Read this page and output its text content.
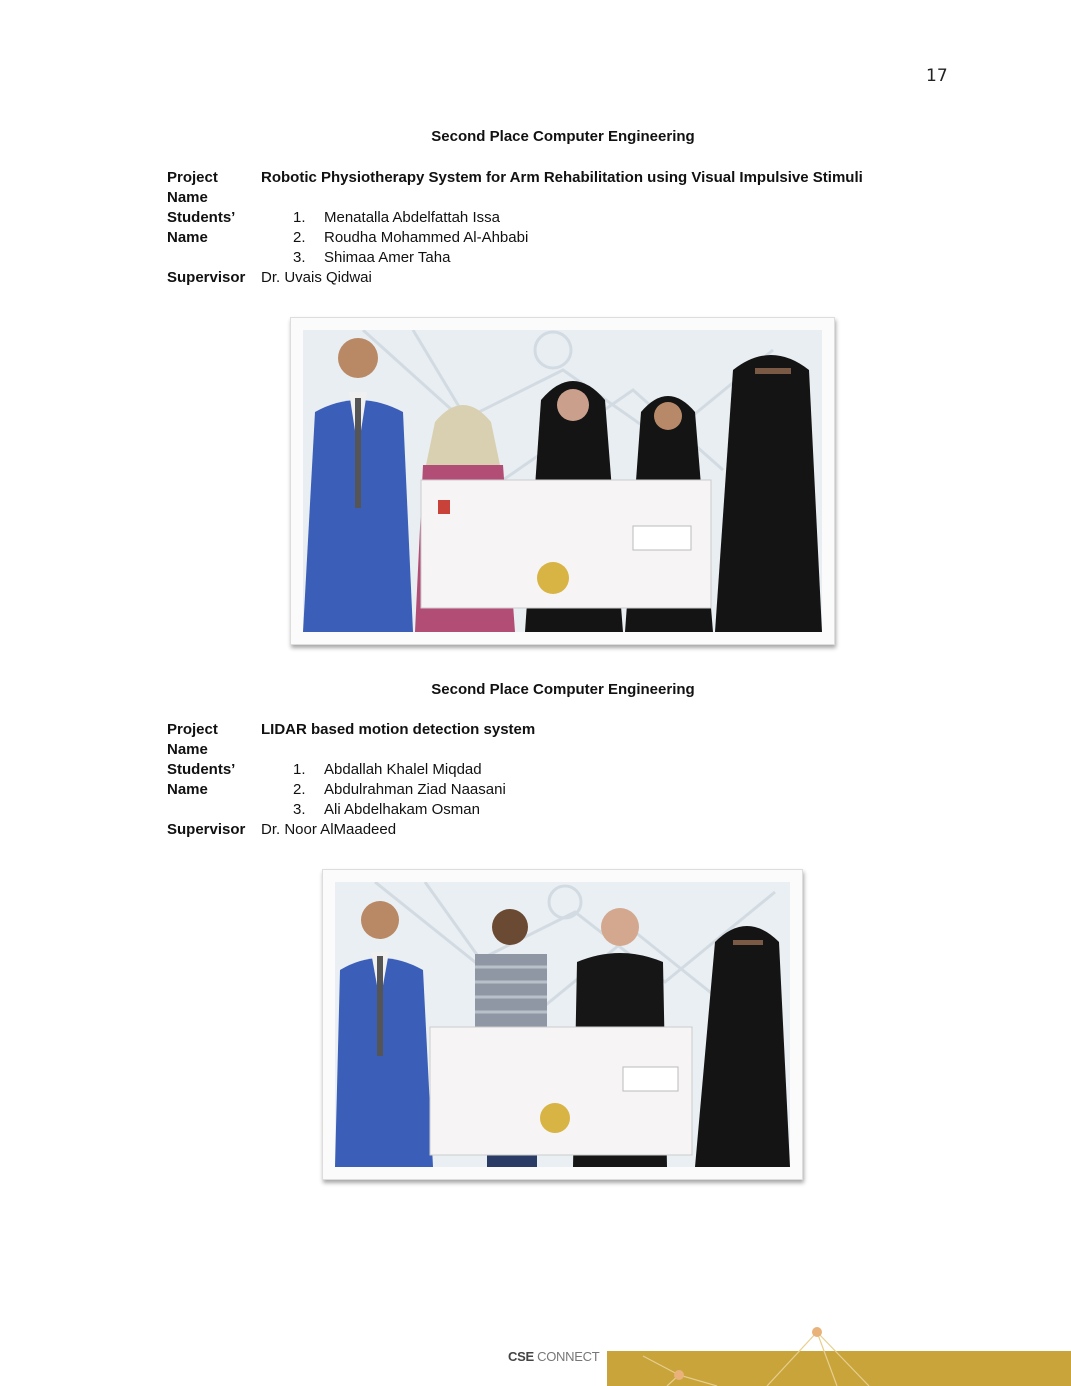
17
Second Place Computer Engineering
Project	Robotic Physiotherapy System for Arm Rehabilitation using Visual Impulsive Stimuli
Name
Students’	1. Menatalla Abdelfattah Issa
Name	2. Roudha Mohammed Al-Ahbabi
3. Shimaa Amer Taha
Supervisor	Dr. Uvais Qidwai
Second Place Computer Engineering
Project	LIDAR based motion detection system
Name
Students’	1. Abdallah Khalel Miqdad
Name	2. Abdulrahman Ziad Naasani
3. Ali Abdelhakam Osman
Supervisor	Dr. Noor AlMaadeed
CSE CONNECT
